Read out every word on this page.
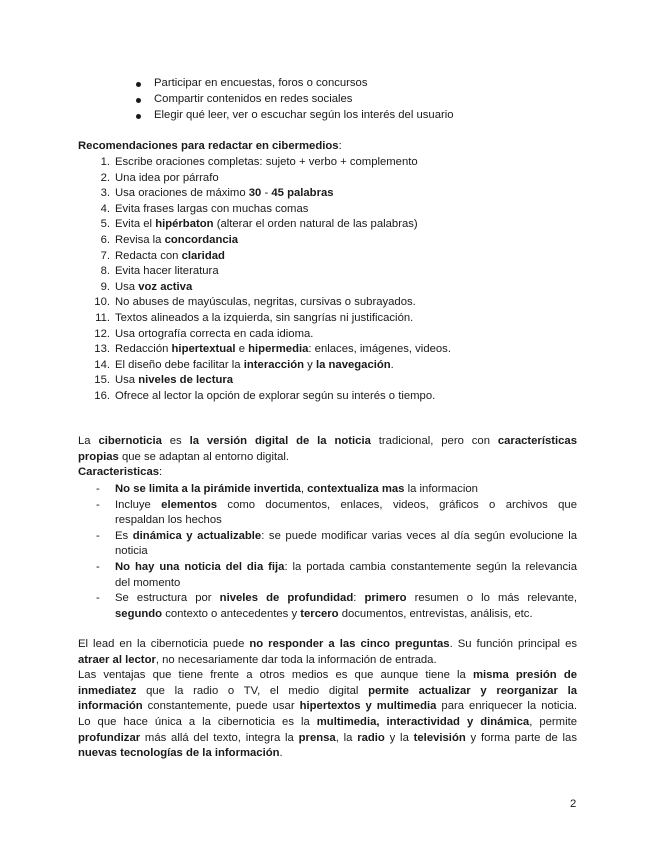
Participar en encuestas, foros o concursos
Compartir contenidos en redes sociales
Elegir qué leer, ver o escuchar según los interés del usuario
Recomendaciones para redactar en cibermedios:
1. Escribe oraciones completas: sujeto + verbo + complemento
2. Una idea por párrafo
3. Usa oraciones de máximo 30 - 45 palabras
4. Evita frases largas con muchas comas
5. Evita el hipérbaton (alterar el orden natural de las palabras)
6. Revisa la concordancia
7. Redacta con claridad
8. Evita hacer literatura
9. Usa voz activa
10. No abuses de mayúsculas, negritas, cursivas o subrayados.
11. Textos alineados a la izquierda, sin sangrías ni justificación.
12. Usa ortografía correcta en cada idioma.
13. Redacción hipertextual e hipermedia: enlaces, imágenes, videos.
14. El diseño debe facilitar la interacción y la navegación.
15. Usa niveles de lectura
16. Ofrece al lector la opción de explorar según su interés o tiempo.
La cibernoticia es la versión digital de la noticia tradicional, pero con características
propias que se adaptan al entorno digital.
Caracteristicas:
- No se limita a la pirámide invertida, contextualiza mas la informacion
- Incluye elementos como documentos, enlaces, videos, gráficos o archivos que
respaldan los hechos
- Es dinámica y actualizable: se puede modificar varias veces al día según evolucione la
noticia
- No hay una noticia del dia fija: la portada cambia constantemente según la relevancia
del momento
- Se estructura por niveles de profundidad: primero resumen o lo más relevante,
segundo contexto o antecedentes y tercero documentos, entrevistas, análisis, etc.
El lead en la cibernoticia puede no responder a las cinco preguntas. Su función principal es
atraer al lector, no necesariamente dar toda la información de entrada.
Las ventajas que tiene frente a otros medios es que aunque tiene la misma presión de
inmediatez que la radio o TV, el medio digital permite actualizar y reorganizar la
información constantemente, puede usar hipertextos y multimedia para enriquecer la noticia.
Lo que hace única a la cibernoticia es la multimedia, interactividad y dinámica, permite
profundizar más allá del texto, integra la prensa, la radio y la televisión y forma parte de las
nuevas tecnologías de la información.
2
